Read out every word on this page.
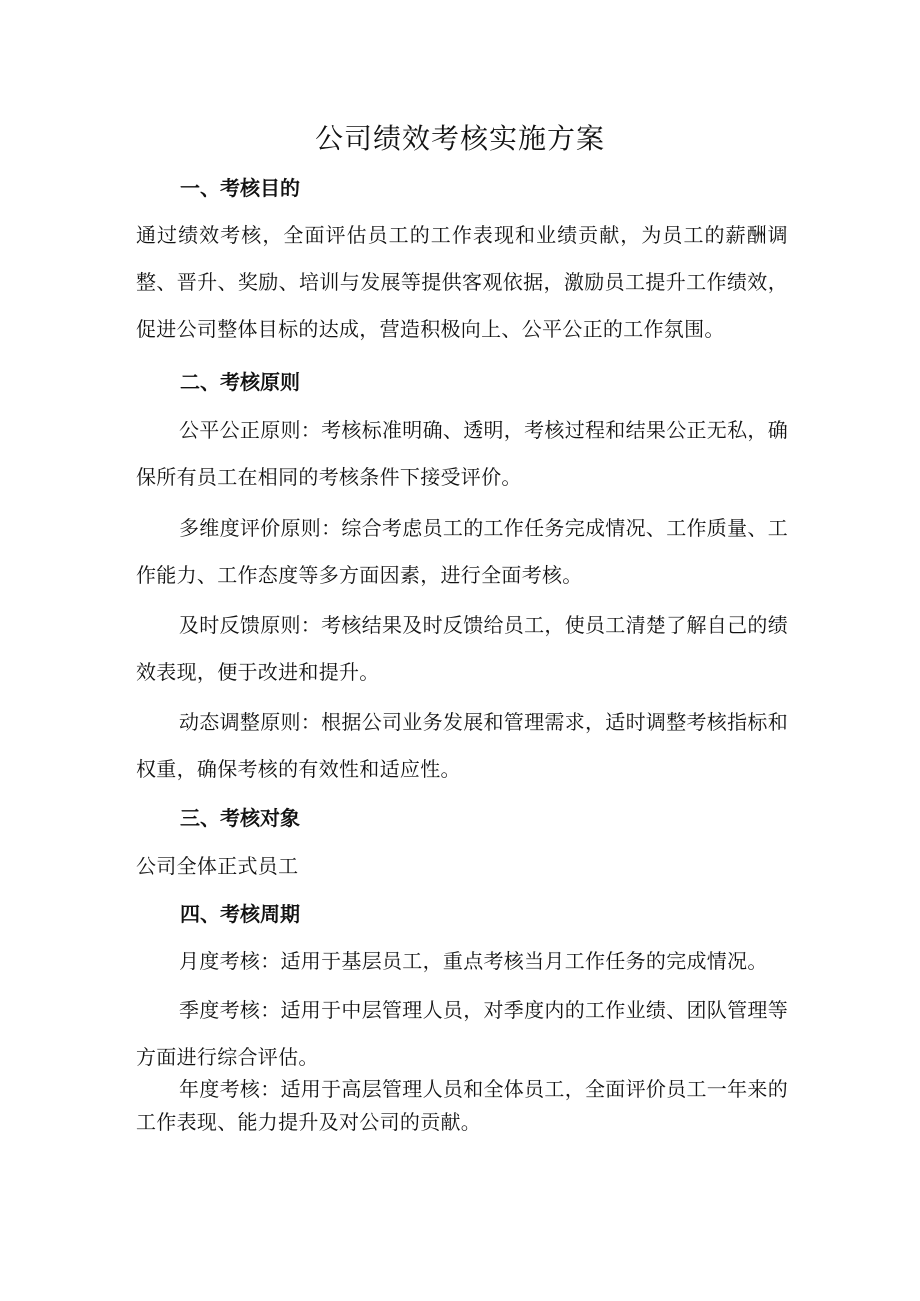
公司绩效考核实施方案
一、考核目的

通过绩效考核，全面评估员工的工作表现和业绩贡献，为员工的薪酬调整、晋升、奖励、培训与发展等提供客观依据，激励员工提升工作绩效，促进公司整体目标的达成，营造积极向上、公平公正的工作氛围。

二、考核原则

公平公正原则：考核标准明确、透明，考核过程和结果公正无私，确保所有员工在相同的考核条件下接受评价。

多维度评价原则：综合考虑员工的工作任务完成情况、工作质量、工作能力、工作态度等多方面因素，进行全面考核。

及时反馈原则：考核结果及时反馈给员工，使员工清楚了解自己的绩效表现，便于改进和提升。

动态调整原则：根据公司业务发展和管理需求，适时调整考核指标和权重，确保考核的有效性和适应性。

三、考核对象

公司全体正式员工

四、考核周期

月度考核：适用于基层员工，重点考核当月工作任务的完成情况。

季度考核：适用于中层管理人员，对季度内的工作业绩、团队管理等方面进行综合评估。

年度考核：适用于高层管理人员和全体员工，全面评价员工一年来的工作表现、能力提升及对公司的贡献。
